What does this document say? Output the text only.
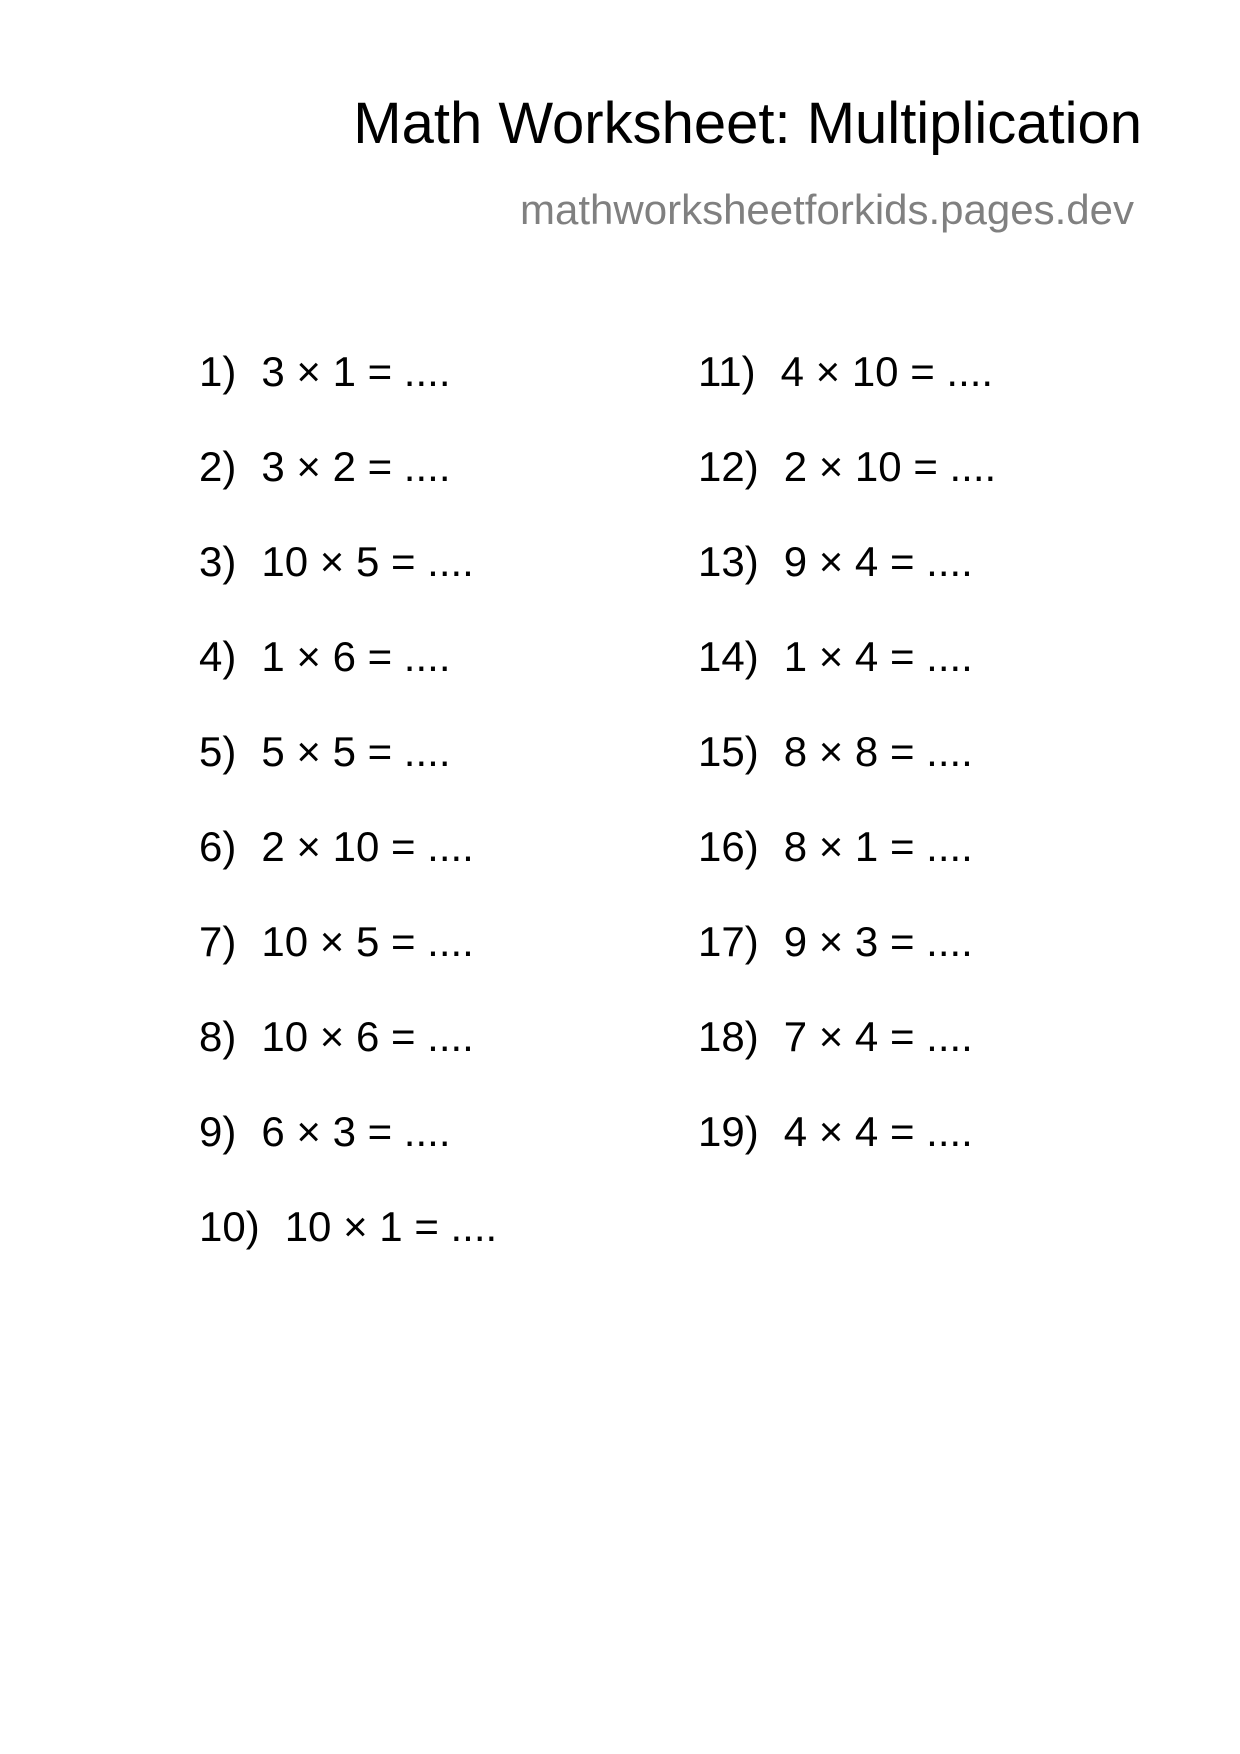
Math Worksheet: Multiplication
mathworksheetforkids.pages.dev
1) 3 × 1 = ....
2) 3 × 2 = ....
3) 10 × 5 = ....
4) 1 × 6 = ....
5) 5 × 5 = ....
6) 2 × 10 = ....
7) 10 × 5 = ....
8) 10 × 6 = ....
9) 6 × 3 = ....
10) 10 × 1 = ....
11) 4 × 10 = ....
12) 2 × 10 = ....
13) 9 × 4 = ....
14) 1 × 4 = ....
15) 8 × 8 = ....
16) 8 × 1 = ....
17) 9 × 3 = ....
18) 7 × 4 = ....
19) 4 × 4 = ....
